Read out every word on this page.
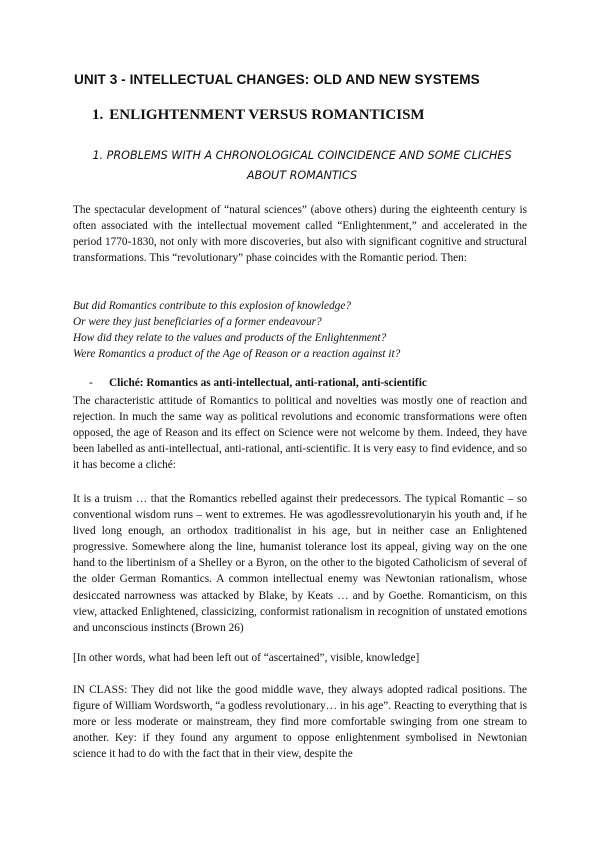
UNIT 3 - INTELLECTUAL CHANGES: OLD AND NEW SYSTEMS
1. ENLIGHTENMENT VERSUS ROMANTICISM
1. PROBLEMS WITH A CHRONOLOGICAL COINCIDENCE AND SOME CLICHES
ABOUT ROMANTICS
The spectacular development of “natural sciences” (above others) during the eighteenth century is often associated with the intellectual movement called “Enlightenment,” and accelerated in the period 1770-1830, not only with more discoveries, but also with significant cognitive and structural transformations. This “revolutionary” phase coincides with the Romantic period. Then:
But did Romantics contribute to this explosion of knowledge?
Or were they just beneficiaries of a former endeavour?
How did they relate to the values and products of the Enlightenment?
Were Romantics a product of the Age of Reason or a reaction against it?
- Cliché: Romantics as anti-intellectual, anti-rational, anti-scientific
The characteristic attitude of Romantics to political and novelties was mostly one of reaction and rejection. In much the same way as political revolutions and economic transformations were often opposed, the age of Reason and its effect on Science were not welcome by them. Indeed, they have been labelled as anti-intellectual, anti-rational, anti-scientific. It is very easy to find evidence, and so it has become a cliché:
It is a truism … that the Romantics rebelled against their predecessors. The typical Romantic – so conventional wisdom runs – went to extremes. He was agodlessrevolutionaryin his youth and, if he lived long enough, an orthodox traditionalist in his age, but in neither case an Enlightened progressive. Somewhere along the line, humanist tolerance lost its appeal, giving way on the one hand to the libertinism of a Shelley or a Byron, on the other to the bigoted Catholicism of several of the older German Romantics. A common intellectual enemy was Newtonian rationalism, whose desiccated narrowness was attacked by Blake, by Keats … and by Goethe. Romanticism, on this view, attacked Enlightened, classicizing, conformist rationalism in recognition of unstated emotions and unconscious instincts (Brown 26)
[In other words, what had been left out of “ascertained”, visible, knowledge]
IN CLASS: They did not like the good middle wave, they always adopted radical positions. The figure of William Wordsworth, “a godless revolutionary… in his age”. Reacting to everything that is more or less moderate or mainstream, they find more comfortable swinging from one stream to another. Key: if they found any argument to oppose enlightenment symbolised in Newtonian science it had to do with the fact that in their view, despite the
